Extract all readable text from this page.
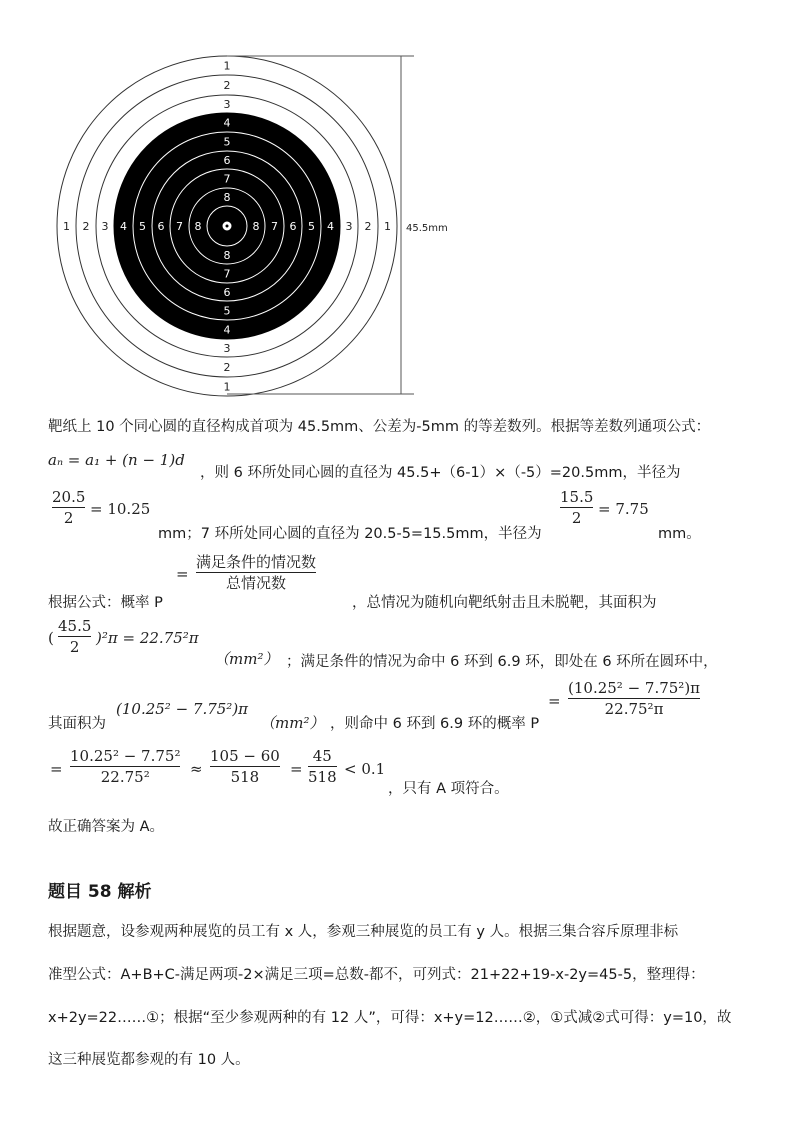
45.5mm
1
1
1	1
2
2
2	2
3
3
3	3
4
4
4	4
5
5
5	5
6
6
6	6
7
7
7	7
8
8
8	8
靶纸上 10 个同心圆的直径构成首项为 45.5mm、公差为-5mm 的等差数列。根据等差数列通项公式：
aₙ = a₁ + (n − 1)d
，则 6 环所处同心圆的直径为 45.5+（6-1）×（-5）=20.5mm，半径为
20.5
2 = 10.25
mm；7 环所处同心圆的直径为 20.5-5=15.5mm，半径为
15.5
2 = 7.75
mm。
=
满足条件的情况数
总情况数
根据公式：概率 P	，总情况为随机向靶纸射击且未脱靶，其面积为
(
45.5
2 )²π = 22.75²π
（mm²） ；满足条件的情况为命中 6 环到 6.9 环，即处在 6 环所在圆环中，
其面积为
(10.25² − 7.75²)π
（mm²） ，则命中 6 环到 6.9 环的概率 P
=
(10.25² − 7.75²)π
22.75²π
=
10.25² − 7.75²
22.75²	≈
105 − 60
518 =
45
518 < 0.1
，只有 A 项符合。
故正确答案为 A。
题目 58 解析
根据题意，设参观两种展览的员工有 x 人，参观三种展览的员工有 y 人。根据三集合容斥原理非标
准型公式：A+B+C-满足两项-2×满足三项=总数-都不，可列式：21+22+19-x-2y=45-5，整理得：
x+2y=22……①；根据“至少参观两种的有 12 人”，可得：x+y=12……②，①式减②式可得：y=10，故
这三种展览都参观的有 10 人。
